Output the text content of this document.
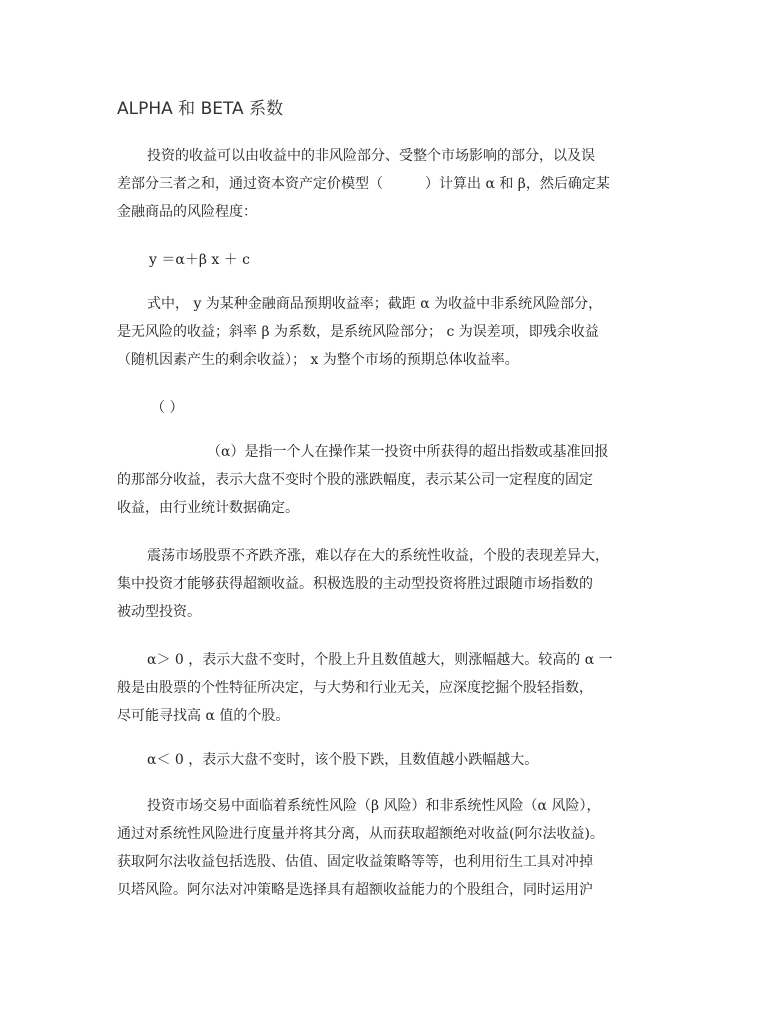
ALPHA 和 BETA 系数
投资的收益可以由收益中的非风险部分、受整个市场影响的部分，以及误
差部分三者之和，通过资本资产定价模型（　　　）计算出 α 和 β，然后确定某
金融商品的风险程度：
y ＝α＋β x ＋ c
式中， y 为某种金融商品预期收益率；截距 α 为收益中非系统风险部分，
是无风险的收益；斜率 β 为系数，是系统风险部分； c 为误差项，即残余收益
（随机因素产生的剩余收益）； x 为整个市场的预期总体收益率。
（ ）
（α）是指一个人在操作某一投资中所获得的超出指数或基准回报
的那部分收益，表示大盘不变时个股的涨跌幅度，表示某公司一定程度的固定
收益，由行业统计数据确定。
震荡市场股票不齐跌齐涨，难以存在大的系统性收益，个股的表现差异大，
集中投资才能够获得超额收益。积极选股的主动型投资将胜过跟随市场指数的
被动型投资。
α＞ 0 ，表示大盘不变时，个股上升且数值越大，则涨幅越大。较高的 α 一
般是由股票的个性特征所决定，与大势和行业无关，应深度挖掘个股轻指数，
尽可能寻找高 α 值的个股。
α＜ 0 ，表示大盘不变时，该个股下跌，且数值越小跌幅越大。
投资市场交易中面临着系统性风险（β 风险）和非系统性风险（α 风险），
通过对系统性风险进行度量并将其分离，从而获取超额绝对收益(阿尔法收益)。
获取阿尔法收益包括选股、估值、固定收益策略等等，也利用衍生工具对冲掉
贝塔风险。阿尔法对冲策略是选择具有超额收益能力的个股组合，同时运用沪
